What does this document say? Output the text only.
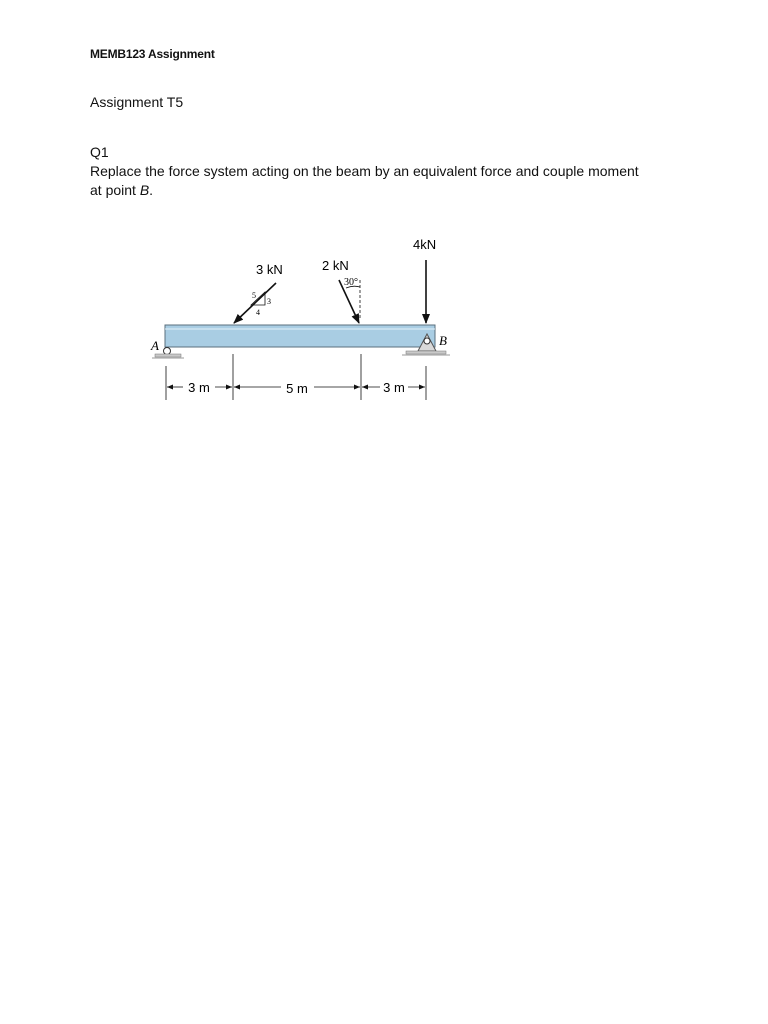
MEMB123 Assignment
Assignment T5
Q1
Replace the force system acting on the beam by an equivalent force and couple moment at point B.
A	B
3 kN
5
3
4
2 kN
30°
4kN
3 m	5 m	3 m
